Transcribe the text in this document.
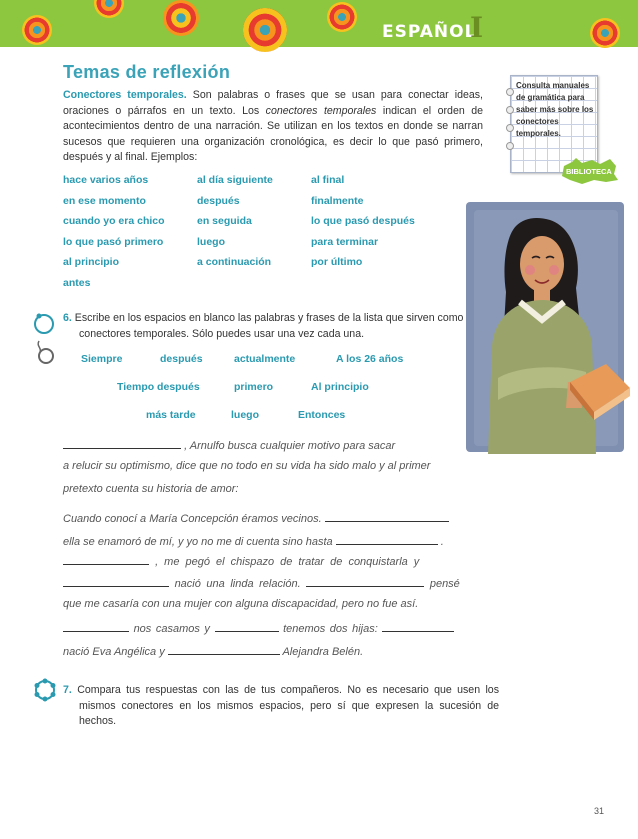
ESPAÑOL
I
Temas de reflexión
Conectores temporales. Son palabras o frases que se usan para conectar ideas, oraciones o párrafos en un texto. Los conectores temporales indican el orden de acontecimientos dentro de una narración. Se utilizan en los textos en donde se narran sucesos que requieren una organización cronológica, es decir lo que pasó primero, después y al final. Ejemplos:
hace varios años	al día siguiente	al final
en ese momento	después	finalmente
cuando yo era chico	en seguida	lo que pasó después
lo que pasó primero	luego	para terminar
al principio	a continuación	por último
antes
6. Escribe en los espacios en blanco las palabras y frases de la lista que sirven como conectores temporales. Sólo puedes usar una vez cada una.
Siempre	después	actualmente	A los 26 años
Tiempo después	primero	Al principio
más tarde	luego	Entonces
, Arnulfo busca cualquier motivo para sacar
a relucir su optimismo, dice que no todo en su vida ha sido malo y al primer
pretexto cuenta su historia de amor:
Cuando conocí a María Concepción éramos vecinos.
ella se enamoró de mí, y yo no me di cuenta sino hasta	.
, me pegó el chispazo de tratar de conquistarla y
nació una linda relación.	pensé
que me casaría con una mujer con alguna discapacidad, pero no fue así.
nos casamos y	tenemos dos hijas:
nació Eva Angélica y	Alejandra Belén.
7. Compara tus respuestas con las de tus compañeros. No es necesario que usen los mismos conectores en los mismos espacios, pero sí que expresen la sucesión de hechos.
Consulta manuales de gramática para saber más sobre los conectores temporales.
BIBLIOTECA
31
